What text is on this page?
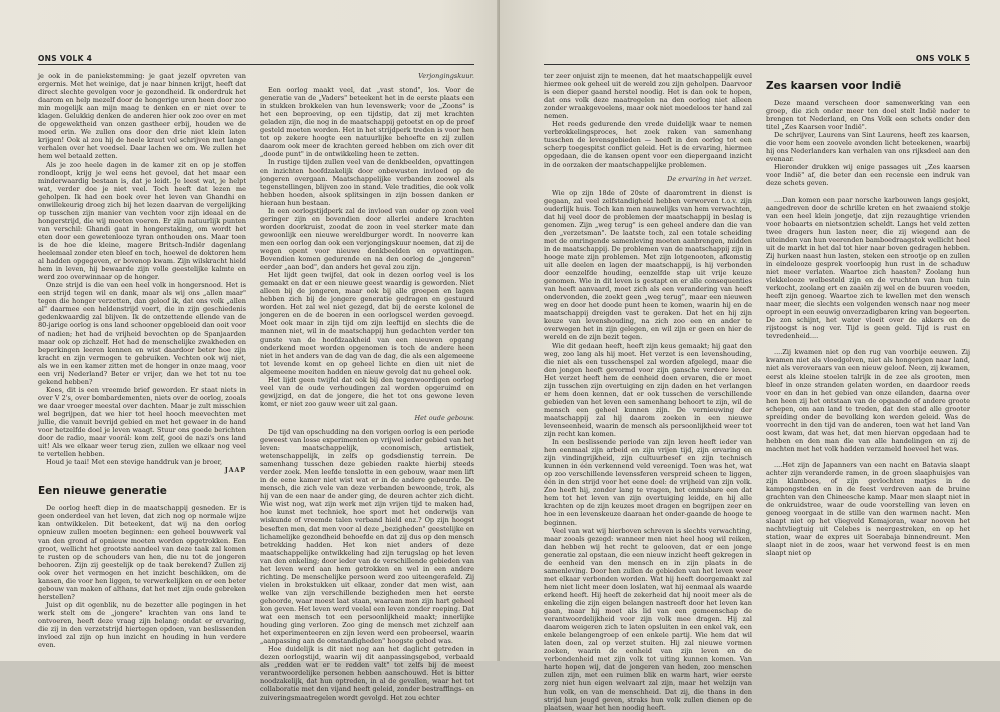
ONS VOLK 4

je ook in de paniekstemming: je gaat jezelf opvreten van ergernis. Met het weinige, dat je naar binnen krijgt, heeft dat direct slechte gevolgen voor je gezondheid. Ik onderdruk het daarom en help mezelf door de hongerige uren heen door zoo min mogelijk aan mijn maag te denken en er niet over te klagen. Gelukkig denken de anderen hier ook zoo over en met de opgewektheid van onzen gastheer erbij, houden we de moed erin. We zullen ons door den drie niet klein laten krijgen! Ook al zou hij de heele kraut vol schrijven met lange verhalen over het voedsel. Daar lachen we om. We zullen het hem wel betaald zetten.

Als je zoo heele dagen in de kamer zit en op je stoffen rondloopt, krijg je wel eens het gevoel, dat het maar een minderwaardig bestaan is, dat je leidt. Je leest wat, je helpt wat, verder doe je niet veel. Toch heeft dat lezen me geholpen. Ik had een boek over het leven van Ghandhi en onwillekeurig droeg zich bij het lezen daarvan de vergelijking op tusschen zijn manier van vechten voor zijn ideaal en de hongerstrijd, die wij moeten voeren. Er zijn natuurlijk punten van verschil: Ghandi gaat in hongerstaking, om wordt het eten door een gewetenlooze tyran onthouden ons. Maar toen is de hoe die kleine, magere Britsch-Indiër dagenlang heelemaal zonder eten bleef en toch, hoewel de doktoren hem al hadden opgegeven, er bovenop kwam. Zijn wilskracht hield hem in leven, hij bewaarde zijn volle geestelijke kalmte en werd zoo overwinnaar op de honger.

Onze strijd is die van een heel volk in hongersnood. Het is een strijd tegen wil en dank, maar als wij ons „allen maar" tegen die honger verzetten, dan geloof ik, dat ons volk „allen al" daarmee een heldenstrijd voert, die in zijn geschiedenis gedenkwaardig zal blijven. Ik de ontzettende ellende van de 80-jarige oorlog is ons land schooner opgebloeid dan ooit voor of nadien; het had de vrijheid bevochten op de Spanjaarden maar ook op zichzelf. Het had de menschelijke zwakheden en beperkingen leeren kennen en wist daardoor beter hoe zijn kracht en zijn vermogen te gebruiken. Vechten ook wij niet, als we in een kamer zitten met de honger in onze maag, voor een vrij Nederland? Beter er vrijer, dan we het tot nu toe gekend hebben?

Kees, dit is een vreemde brief geworden. Er staat niets in over V 2's, over bombardementen, niets over de oorlog, zooals we daar vroeger meestal over dachten. Maar je zult misschien wel begrijpen, dat we hier tot heel hooch meevechten met jullie, die vanuit bevrijd gebied en met het gewaer in de hand voor hetzelfde doel je leven waagt. Stuur ons goede berichten door de radio, maar voorál: kom zelf, gooi de nazi's ons land uit! Als we elkaar weer terug zien, zullen we elkaar nog veel te vertellen hebben.

Houd je taai! Met een stevige handdruk van je broer,

JAAP
Een nieuwe generatie

De oorlog heeft diep in de maatschappij gesneden. Er is geen onderdeel van het leven, dat zich nog op normale wijze kan ontwikkelen. Dit beteekent, dat wij na den oorlog opnieuw zullen moeten beginnen: een geheel bouwwerk val van den grond af opnieuw moeten worden opgetrokken. Een groot, wellicht het grootste aandeel van deze taak zal komen te rusten op de schouders van hen, die nu tot de jongeren behooren. Zijn zij geestelijk op de taak berekend? Zullen zij ook over het vermogen en het inzicht beschikken, om de kansen, die voor hen liggen, te verwerkelijken en er een beter gebouw van maken of althans, dat het met zijn oude gebreken herstellen?

Juist op dit ogenblik, nu de bezetter alle pogingen in het werk stelt om de „jongere" krachten van ons land te ontvoeren, heeft deze vraag zijn belang: ondat er ervaring, die zij in den verzetstrijd hiertegen opdoen, van beslissenden invloed zal zijn op hun inzicht en houding in hun verdere even.

Verjongingskuur.

Een oorlog maakt veel, dat „vast stond", los. Voor de generatie van de „Vaders" beteekent het in de eerste plaats een in stukken brokkelen van hun levenswerk; voor de „Zoons" is het een beproeving, op een tijdstip, dat zij met krachten geladen zijn, die nog in de maatschappij getoetst en op de proef gesteld moeten worden. Het in het strijdperk treden is voor hen tot op zekere hoogte een natuurlijke behoefte en zij zullen daarom ook meer de krachten gereed hebben om zich over dit „doode punt" in de ontwikkeling heen te zetten.

In rustige tijden zullen veel van de denkbeelden, opvattingen en inzichten hoofdzakelijk door onbewusten invloed op de jongeren overgaan. Maatschappelijke verbanden zoowel als tegenstellingen, blijven zoo in stand. Vele tradities, die ook volk hebben hoeden, alsook splitsingen in zijn bossen danken er hieraan hun bestaan.

In een oorlogstijdperk zal de invloed van ouder op zoon veel geringer zijn en bovendien door allerlei andere krachten worden doorkruist, zoodat de zoon in veel sterker mate dan gewoonlijk een nieuwe wereldburger wordt. In nooverre kan men een oorlog dan ook een verjongingskuur noemen, dat zij de wegen opent voor nieuwe denkbeelden en opvattingen. Bovendien komen gedurende en na den oorlog de „jongeren" eerder „aan bod", dan anders het geval zou zijn.

Het lijdt geen twijfel, dat ook in dezen oorlog veel is los gemaakt en dat er een nieuwe geest waardig is geworden. Niet alleen bij de jongeren, maar ook bij alle groepen en lagen hebben zich bij de jongere generatie gedragen en gestuurd worden. Het zal wel niet gezegd, dat bij de eerste kolonel de jongeren en de de boeren in een oorlogscel werden gevoegd. Moet ook maar in zijn tijd om zijn leeftijd en slechts die de mannen niet, wil in de maatschappij hun gedachten verder ten gunste van de hoofdzaakheid van een nieuwen opgang onderkend moet worden opgenomen is toch de andere heen niet in het anders van de dag van de dag, die als een algemeene tot levende komt en op geheel lichte en dien uit niet de algemeene moeiten hadden en nieuw gevolg dat nu geheel ook.

Het lijdt geen twijfel dat ook bij den tegenwoordigen oorlog veel van de oude verhoudingen zal worden opgeruimd en gewijzigd, en dat de jongere, die het tot ons gewone leven komt, er niet zoo gauw weer uit zal gaan.

Het oude gebouw.

De tijd van opschudding na den vorigen oorlog is een periode geweest van losse experimenten op vrijwel ieder gebied van het leven: maatschappelijk, economisch, artistiek, wetenschappelijk, in zelfs op godsdienstig terrein. De samenhang tusschen deze gebieden raakte hierbij steeds verder zoek. Men leefde tenslotte in een gebouw, waar men lift in de eene kamer niet wist wat er in de andere gebeurde. De mensch, die zich vele van deze verbanden bewoonde, trok, als hij van de een naar de ander ging, de deuren achter zich dicht. Wie wist nog, wat zijn werk met zijn vrijen tijd te maken had, hoe kunst met techniek, hoe sport met het onderwijs van wiskunde of vreemde talen verband hield enz.? Op zijn hoogst beseften men, dat men voor al deze „bezigheden" geestelijke en lichamelijke gezondheid behoefde en dat zij dus op den mensch betrekking hadden. Het kon niet anders of deze maatschappelijke ontwikkeling had zijn terugslag op het leven van den enkeling; door ieder van de verschillende gebieden van het leven werd aan hem getrokken en wel in een andere richting. De menschelijke persoon werd zoo uiteengerafeld. Zij vielen in brokstukken uit elkaar, zonder dat men wist, aan welke van zijn verschillende bezigheden men het eerste gehoorde, waar moest laat staan, waaraan men zijn hart geheel kon geven. Het leven werd veelal een leven zonder roeping. Dat wat een mensch tot een persoonlijkheid maakt; innerlijke houding ging verloren. Zoo ging de mensch met zichzelf aan het experimenteeren en zijn leven werd een probeersel, waarin „aanpassing aan de omstandigheden" hoogste gebod was.

Hoe duidelijk is dit niet nog aan het daglicht getreden in dezen oorlogstijd, waarin wij dit aanpassingsgebod, verbaald als „redden wat er te redden valt" tot zelfs bij de meest verantwoordelijke personen hebben aanschouwd. Het is bitter noodzakelijk, dat hun optreden, in al de gevallen, waar het tot collaboratie met den vijand heeft geleid, zonder bestrafflngs- en zuiveringsmaatregelen wordt gevolgd. Het zou echter

ONS VOLK 5

ter zeer onjuist zijn te meenen, dat het maatschappelijk euvel hiermee ook geheel uit de wereld zou zijn geholpen. Daarvoor is een dieper gaand herstel noodig. Het is dan ook te hopen, dat ons volk deze maatregelen na den oorlog niet alleen zonder wraakgevoelens, maar ook niet moedeloos ter hand zal nemen.

Het reeds gedurende den vrede duidelijk waar te nemen verbrokkelingsproces, het zoek raken van samenhang tusschen de levensgebieden — heeft in den oorlog tot een scherp toegespitst conflict geleid. Het is de ervaring, hiermee opgedaan, die de kansen opent voor een diepergaand inzicht in de oorzaken der maatschappelijke problemen.

De ervaring in het verzet.

Wie op zijn 18de of 20ste of daaromtrent in dienst is gegaan, zal veel zelfstandigheid hebben verworven t.o.v. zijn ouderlijk huis. Toch kan men nauwelijks van hem verwachten, dat hij veel door de problemen der maatschappij in beslag is genomen. Zijn „weg terug" is een geheel andere dan die van den „verzetsman". De laatste toch, zal een totale scheiding met de omringende samenleving moeten aanbrengen, midden in de maatschappij. De problemen van de maatschappij zijn in hooge mate zijn problemen. Met zijn lotgenooten, afkomstig uit alle deelen en lagen der maatschappij, is hij verbonden door eenzelfde houding, eenzelfde stap uit vrije keuze genomen. Wie in dit leven is gestapt en er alle consequenties van heeft aanvaard, moet zich als een verandering van heeft ondervonden, die zoekt geen „weg terug", maar een nieuwen weg en door het doode punt heen te komen, waarin hij en de maatschappij dreigden vast te geraken. Dat het en hij zijn keuze van levenshouding, na zich zoo een en ander te overwegen het in zijn gelegen, en wil zijn er geen en hier de wereld en de zijn bezit tegen.

Wie dit gedaan heeft, heeft zijn keus gemaakt; hij gaat den weg, zoo lang als hij moet. Het verzet is een levenshouding, die niet als een tusschenspel zal worden afgelegd, maar die den jongen heeft gevormd voor zijn gansche verdere leven. Het verzet heeft hem de eenheid doen ervaren, die er moet zijn tusschen zijn overtuiging en zijn daden en het verlangen er hem doen kennen, dat er ook tusschen de verschillende gebieden van het leven een samenhang behoort te zijn, wil de mensch een geheel kunnen zijn. De vernieuwing der maatschappij zal hij daarom zoeken in een nieuwe levenseenheid, waarin de mensch als persoonlijkheid weer tot zijn recht kan komen.

In een beslissende periode van zijn leven heeft ieder van hen eenmaal zijn arbeid en zijn vrijen tijd, zijn ervaring en zijn vindingrijkheid, zijn cultuurbesef en zijn technisch kunnen in één verkennend veld vereenigd. Toen was het, wat op zoo verschillende levenssferen verspreid scheen te liggen, één in den strijd voor het eene doel: de vrijheid van zijn volk. Zoo heeft hij, zonder lang te vragen, het onmisbare een dat hem tot het leven van zijn overtuiging leidde, en hij alle krachten op de zijn keuzes moet dragen en begrijpen zeer en hoe in een levenskeuze daaraan het onder-gaande de hooge te beginnen.

Veel van wat wij hierboven schreven is slechts verwachting, maar zooals gezegd: wanneer men niet heel hoog wil reiken, dan hebben wij het recht te gelooven, dat er een jonge generatie zal opstaan, die een nieuw inzicht heeft gekregen in de eenheid van den mensch en in zijn plaats in de samenleving. Door hen zullen de gebieden van het leven weer met elkaar verbonden worden. Wat hij heeft doorgemaakt zal hem niet licht meer doen loslaten, wat hij eenmaal als waarde erkend heeft. Hij heeft de zekerheid dat hij nooit meer als de enkeling die zijn eigen belangen nastreeft door het leven kan gaan, maar hij moet als lid van een gemeenschap de verantwoordelijkheid voor zijn volk mee dragen. Hij zal daarom weigeren zich te laten opsluiten in een enkel vak, een enkele belangengroep of een enkele partij. Wie hem dat wil laten doen, zal op verzet stuiten. Hij zal nieuwe vormen zoeken, waarin de eenheid van zijn leven en de verbondenheid met zijn volk tot uiting kunnen komen. Van harte hopen wij, dat de jongeren van heden, zoo menschen zullen zijn, met een ruimen blik en warm hart, wier eerste zorg niet hun eigen welvaart zal zijn, maar het welzijn van hun volk, en van de menschheid. Dat zij, die thans in den strijd hun jeugd geven, straks hun volk zullen dienen op de plaatsen, waar het hen noodig heeft.

Zes kaarsen voor Indië

Deze maand verscheen door samenwerking van een groep, die zich onder meer ten doel stelt Indië nader te brengen tot Nederland, en Ons Volk een schets onder den titel „Zes Kaarsen voor Indië".

De schrijver, Laurens van Sint Laurens, heeft zes kaarsen, die voor hem een zoovele avonden licht beteekenen, waarbij hij ons Nederlanders kan verhalen van ons rijksdeel aan den evenaar.

Hieronder drukken wij enige passages uit „Zes kaarsen voor Indië" af, die beter dan een recensie een indruk van deze schets geven.

....Dan komen een paar norsche karbouwen langs gesjokt, aangedreven door de schrille kreten en het zwaaiend stokje van een heel klein jongetje, dat zijn rezaughtige vrienden voor hobaarts en nietsontzien scheldt. Langs het veld zetten twee dragers hun lasten neer, die zij wiegend aan de uiteinden van hun veerenden bamboedraagstok wellicht heel uit de markt in het dal tot hier naar boven gedragen hebben. Zij hurken naast hun lasten, steken een strootje op en zullen in eindelooze gesprek voorloopig hun rust in de schaduw niet meer verlaten. Waartoe zich haasten? Zoolang hun vlekkelooze welbesteld zijn en de vruchten van hun tuin verkocht, zoolang ert en zaaiën zij wel en de buuren voeden, heeft zijn genoeg. Waartoe zich te kwellen met den wensch naar meer, die slechts een volgenden wensch naar nog meer oproept in een eeuwig onverzadigbaren kring van begeerten. De zon schijnt, het water vloeit over de akkers en de rijstoogst is nog ver. Tijd is geen geld. Tijd is rust en tevredenheid....

....Zij kwamen niet op den rug van voorbije eeuwen. Zij kwamen niet als vloedgolven, niet als hongerigen naar land, niet als veroveraars van een nieuw geloof. Neen, zij kwamen, eerst als kleine stoelen talrijk in de zee als grooten, men bleef in onze stranden gelaten worden, en daardoor reeds voor en dan in het gebied van onze eilanden, daarna over hen heen zij het ontstaan van de opgaande of andere groote schepen, om aan land te treden, dat den stad alle grooter spreiding onder de bevolking kon werden geleid. Was de voorrecht in den tijd van de anderen, toen wat het land Van oost kwam, dat was het, dat men hiervan opgedaan had te hebben en den man die van alle handelingen en zij de machten met het volk hadden verzameld hoeveel het was.

....Het zijn de Japanners van een nacht en Batavia slaapt achter zijn veranderde ramen, in de groen slaaphuisjes van zijn klamboes, of zijn gevlochten matjes in de kampongsteden en in de feest verdreven aan de bruine grachten van den Chineesche kamp. Maar men slaapt niet in de onkruidstree, waar de oude voorstelling van leven en genoeg voorgaat in de stille van den warmen nacht. Men slaapt niet op het vliegveld Kemajoran, waar nooven het nachtvliegtuig uit Celebes is neergestreken, en op het station, waar de expres uit Soerabaja binnendreunt. Men slaapt niet in de zoos, waar het verwond feest is en men slaapt niet op
